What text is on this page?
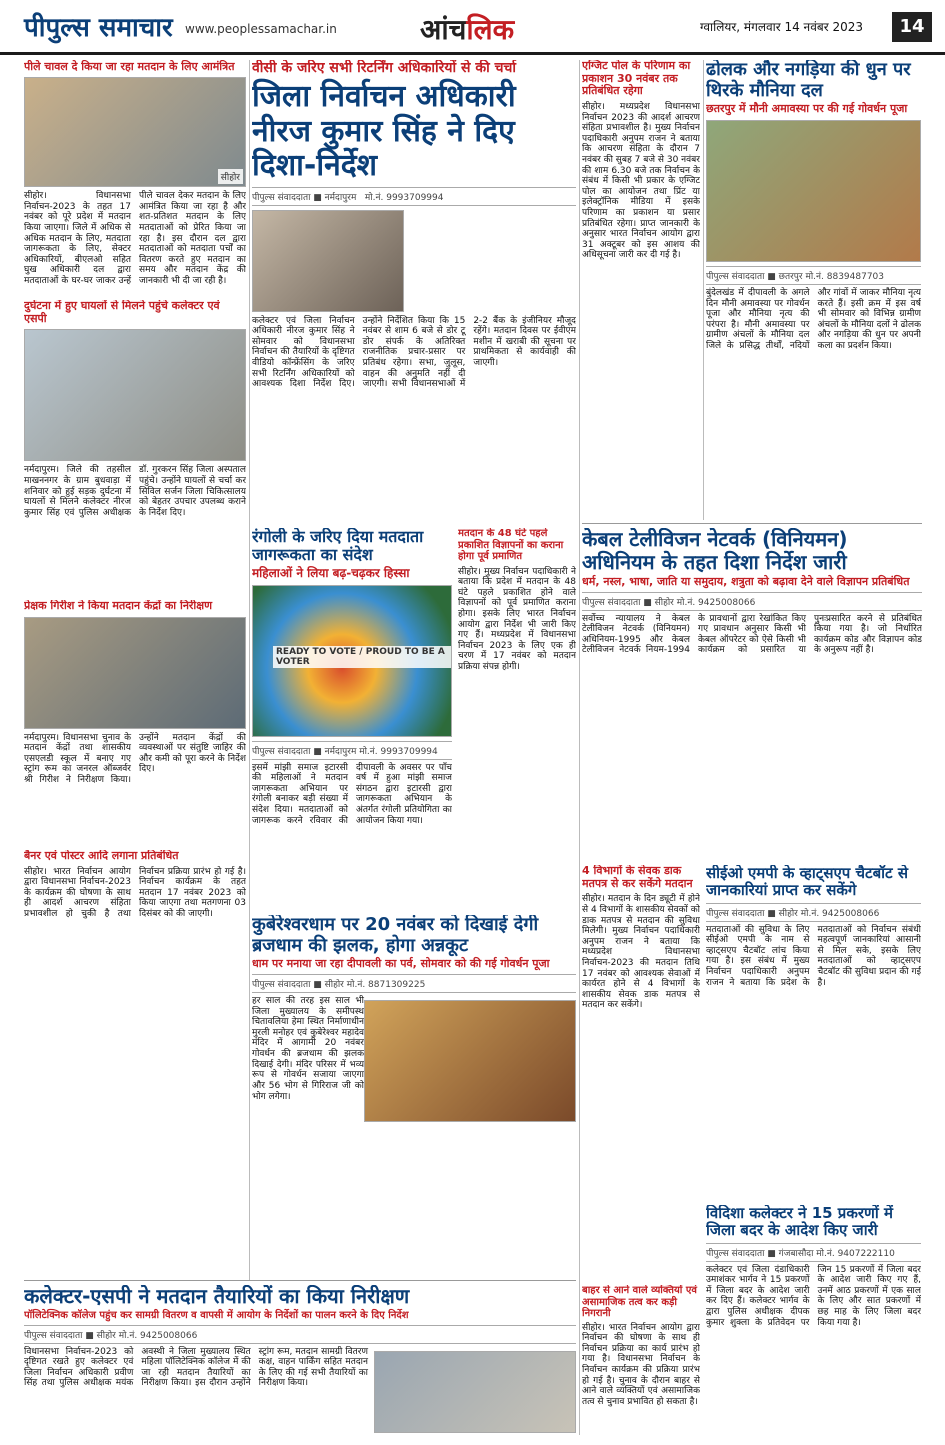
पीपुल्स समाचार www.peoplessamachar.in	आंचलिक	ग्वालियर, मंगलवार 14 नवंबर 2023	14
पीले चावल दे किया जा रहा मतदान के लिए आमंत्रित
सीहोर
सीहोर। विधानसभा निर्वाचन-2023 के तहत 17 नवंबर को पूरे प्रदेश में मतदान किया जाएगा। जिले में अधिक से अधिक मतदान के लिए, मतदाता जागरूकता के लिए, सेक्टर अधिकारियों, बीएलओ सहित घुख अधिकारी दल द्वारा मतदाताओं के घर-घर जाकर उन्हें पीले चावल देकर मतदान के लिए आमंत्रित किया जा रहा है और शत-प्रतिशत मतदान के लिए मतदाताओं को प्रेरित किया जा रहा है। इस दौरान दल द्वारा मतदाताओं को मतदाता पर्चों का वितरण करते हुए मतदान का समय और मतदान केंद्र की जानकारी भी दी जा रही है।
दुर्घटना में हुए घायलों से मिलने पहुंचे कलेक्टर एवं एसपी
नर्मदापुरम। जिले की तहसील माखननगर के ग्राम बुधवाड़ा में शनिवार को हुई सड़क दुर्घटना में घायलों से मिलने कलेक्टर नीरज कुमार सिंह एवं पुलिस अधीक्षक डॉ. गुरकरन सिंह जिला अस्पताल पहुंचे। उन्होंने घायलों से चर्चा कर सिविल सर्जन जिला चिकित्सालय को बेहतर उपचार उपलब्ध कराने के निर्देश दिए।
प्रेक्षक गिरीश ने किया मतदान केंद्रों का निरीक्षण
नर्मदापुरम। विधानसभा चुनाव के मतदान केंद्रों तथा शासकीय एसएलडी स्कूल में बनाए गए स्ट्रांग रूम का जनरल ऑब्जर्वर श्री गिरीश ने निरीक्षण किया। उन्होंने मतदान केंद्रों की व्यवस्थाओं पर संतुष्टि जाहिर की और कमी को पूरा करने के निर्देश दिए।
बैनर एवं पोस्टर आदि लगाना प्रतिबंधित
सीहोर। भारत निर्वाचन आयोग द्वारा विधानसभा निर्वाचन-2023 के कार्यक्रम की घोषणा के साथ ही आदर्श आचरण संहिता प्रभावशील हो चुकी है तथा निर्वाचन प्रक्रिया प्रारंभ हो गई है। निर्वाचन कार्यक्रम के तहत मतदान 17 नवंबर 2023 को किया जाएगा तथा मतगणना 03 दिसंबर को की जाएगी।
वीसी के जरिए सभी रिटर्निंग अधिकारियों से की चर्चा
जिला निर्वाचन अधिकारी नीरज कुमार सिंह ने दिए दिशा-निर्देश
पीपुल्स संवाददाता ■ नर्मदापुरम मो.नं. 9993709994
कलेक्टर एवं जिला निर्वाचन अधिकारी नीरज कुमार सिंह ने सोमवार को विधानसभा निर्वाचन की तैयारियों के दृष्टिगत वीडियो कॉन्फ्रेंसिंग के जरिए सभी रिटर्निंग अधिकारियों को आवश्यक दिशा निर्देश दिए। उन्होंने निर्देशित किया कि 15 नवंबर से शाम 6 बजे से डोर टू डोर संपर्क के अतिरिक्त राजनीतिक प्रचार-प्रसार पर प्रतिबंध रहेगा। सभा, जुलूस, वाहन की अनुमति नहीं दी जाएगी। सभी विधानसभाओं में 2-2 बैंक के इंजीनियर मौजूद रहेंगे। मतदान दिवस पर ईवीएम मशीन में खराबी की सूचना पर प्राथमिकता से कार्यवाही की जाएगी।
रंगोली के जरिए दिया मतदाता जागरूकता का संदेश
महिलाओं ने लिया बढ़-चढ़कर हिस्सा
READY TO VOTE / PROUD TO BE A VOTER
पीपुल्स संवाददाता ■ नर्मदापुरम मो.नं. 9993709994
इसमें मांझी समाज इटारसी की महिलाओं ने मतदान जागरूकता अभियान पर रंगोली बनाकर बड़ी संख्या में संदेश दिया। मतदाताओं को जागरूक करने रविवार की दीपावली के अवसर पर पाँच वर्ष में हुआ मांझी समाज संगठन द्वारा इटारसी द्वारा जागरूकता अभियान के अंतर्गत रंगोली प्रतियोगिता का आयोजन किया गया।
मतदान के 48 घंटे पहले प्रकाशित विज्ञापनों का कराना होगा पूर्व प्रमाणित
सीहोर। मुख्य निर्वाचन पदाधिकारी ने बताया कि प्रदेश में मतदान के 48 घंटे पहले प्रकाशित होने वाले विज्ञापनों को पूर्व प्रमाणित कराना होगा। इसके लिए भारत निर्वाचन आयोग द्वारा निर्देश भी जारी किए गए हैं। मध्यप्रदेश में विधानसभा निर्वाचन 2023 के लिए एक ही चरण में 17 नवंबर को मतदान प्रक्रिया संपन्न होगी।
कुबेरेश्वरधाम पर 20 नवंबर को दिखाई देगी ब्रजधाम की झलक, होगा अन्नकूट
धाम पर मनाया जा रहा दीपावली का पर्व, सोमवार को की गई गोवर्धन पूजा
पीपुल्स संवाददाता ■ सीहोर मो.नं. 8871309225
हर साल की तरह इस साल भी जिला मुख्यालय के समीपस्थ चितावलिया हेमा स्थित निर्माणाधीन मुरली मनोहर एवं कुबेरेश्वर महादेव मंदिर में आगामी 20 नवंबर गोवर्धन की ब्रजधाम की झलक दिखाई देगी। मंदिर परिसर में भव्य रूप से गोवर्धन सजाया जाएगा और 56 भोग से गिरिराज जी को भोग लगेगा।
एग्जिट पोल के परिणाम का प्रकाशन 30 नवंबर तक प्रतिबंधित रहेगा
सीहोर। मध्यप्रदेश विधानसभा निर्वाचन 2023 की आदर्श आचरण संहिता प्रभावशील है। मुख्य निर्वाचन पदाधिकारी अनुपम राजन ने बताया कि आचरण संहिता के दौरान 7 नवंबर की सुबह 7 बजे से 30 नवंबर की शाम 6.30 बजे तक निर्वाचन के संबंध में किसी भी प्रकार के एग्जिट पोल का आयोजन तथा प्रिंट या इलेक्ट्रॉनिक मीडिया में इसके परिणाम का प्रकाशन या प्रसार प्रतिबंधित रहेगा। प्राप्त जानकारी के अनुसार भारत निर्वाचन आयोग द्वारा 31 अक्टूबर को इस आशय की अधिसूचना जारी कर दी गई है।
ढोलक और नगड़िया की धुन पर थिरके मौनिया दल
छतरपुर में मौनी अमावस्या पर की गई गोवर्धन पूजा
पीपुल्स संवाददाता ■ छतरपुर मो.नं. 8839487703
बुंदेलखंड में दीपावली के अगले दिन मौनी अमावस्या पर गोवर्धन पूजा और मौनिया नृत्य की परंपरा है। मौनी अमावस्या पर ग्रामीण अंचलों के मौनिया दल जिले के प्रसिद्ध तीर्थों, नदियों और गांवों में जाकर मौनिया नृत्य करते हैं। इसी क्रम में इस वर्ष भी सोमवार को विभिन्न ग्रामीण अंचलों के मौनिया दलों ने ढोलक और नगड़िया की धुन पर अपनी कला का प्रदर्शन किया।
केबल टेलीविजन नेटवर्क (विनियमन) अधिनियम के तहत दिशा निर्देश जारी
धर्म, नस्ल, भाषा, जाति या समुदाय, शत्रुता को बढ़ावा देने वाले विज्ञापन प्रतिबंधित
पीपुल्स संवाददाता ■ सीहोर मो.नं. 9425008066
सर्वोच्च न्यायालय ने केबल टेलीविजन नेटवर्क (विनियमन) अधिनियम-1995 और केबल टेलीविजन नेटवर्क नियम-1994 के प्रावधानों द्वारा रेखांकित किए गए प्रावधान अनुसार किसी भी केबल ऑपरेटर को ऐसे किसी भी कार्यक्रम को प्रसारित या पुनःप्रसारित करने से प्रतिबंधित किया गया है। जो निर्धारित कार्यक्रम कोड और विज्ञापन कोड के अनुरूप नहीं है।
4 विभागों के सेवक डाक मतपत्र से कर सकेंगे मतदान
सीहोर। मतदान के दिन ड्यूटी में होने से 4 विभागों के शासकीय सेवकों को डाक मतपत्र से मतदान की सुविधा मिलेगी। मुख्य निर्वाचन पदाधिकारी अनुपम राजन ने बताया कि मध्यप्रदेश विधानसभा निर्वाचन-2023 की मतदान तिथि 17 नवंबर को आवश्यक सेवाओं में कार्यरत होने से 4 विभागों के शासकीय सेवक डाक मतपत्र से मतदान कर सकेंगे।
सीईओ एमपी के व्हाट्सएप चैटबॉट से जानकारियां प्राप्त कर सकेंगे
पीपुल्स संवाददाता ■ सीहोर मो.नं. 9425008066
मतदाताओं की सुविधा के लिए सीईओ एमपी के नाम से व्हाट्सएप चैटबॉट लांच किया गया है। इस संबंध में मुख्य निर्वाचन पदाधिकारी अनुपम राजन ने बताया कि प्रदेश के मतदाताओं को निर्वाचन संबंधी महत्वपूर्ण जानकारियां आसानी से मिल सके, इसके लिए मतदाताओं को व्हाट्सएप चैटबॉट की सुविधा प्रदान की गई है।
कलेक्टर-एसपी ने मतदान तैयारियों का किया निरीक्षण
पॉलिटेक्निक कॉलेज पहुंच कर सामग्री वितरण व वापसी में आयोग के निर्देशों का पालन करने के दिए निर्देश
पीपुल्स संवाददाता ■ सीहोर मो.नं. 9425008066
विधानसभा निर्वाचन-2023 को दृष्टिगत रखते हुए कलेक्टर एवं जिला निर्वाचन अधिकारी प्रवीण सिंह तथा पुलिस अधीक्षक मयंक अवस्थी ने जिला मुख्यालय स्थित महिला पॉलिटेक्निक कॉलेज में की जा रही मतदान तैयारियों का निरीक्षण किया। इस दौरान उन्होंने स्ट्रांग रूम, मतदान सामग्री वितरण कक्ष, वाहन पार्किंग सहित मतदान के लिए की गई सभी तैयारियों का निरीक्षण किया।
बाहर से आने वाले व्यक्तियों एवं असामाजिक तत्व कर कड़ी निगरानी
सीहोर। भारत निर्वाचन आयोग द्वारा निर्वाचन की घोषणा के साथ ही निर्वाचन प्रक्रिया का कार्य प्रारंभ हो गया है। विधानसभा निर्वाचन के निर्वाचन कार्यक्रम की प्रक्रिया प्रारंभ हो गई है। चुनाव के दौरान बाहर से आने वाले व्यक्तियों एवं असामाजिक तत्व से चुनाव प्रभावित हो सकता है।
विदिशा कलेक्टर ने 15 प्रकरणों में जिला बदर के आदेश किए जारी
पीपुल्स संवाददाता ■ गंजबासौदा मो.नं. 9407222110
कलेक्टर एवं जिला दंडाधिकारी उमाशंकर भार्गव ने 15 प्रकरणों में जिला बदर के आदेश जारी कर दिए हैं। कलेक्टर भार्गव के द्वारा पुलिस अधीक्षक दीपक कुमार शुक्ला के प्रतिवेदन पर जिन 15 प्रकरणों में जिला बदर के आदेश जारी किए गए हैं, उनमें आठ प्रकरणों में एक साल के लिए और सात प्रकरणों में छह माह के लिए जिला बदर किया गया है।
